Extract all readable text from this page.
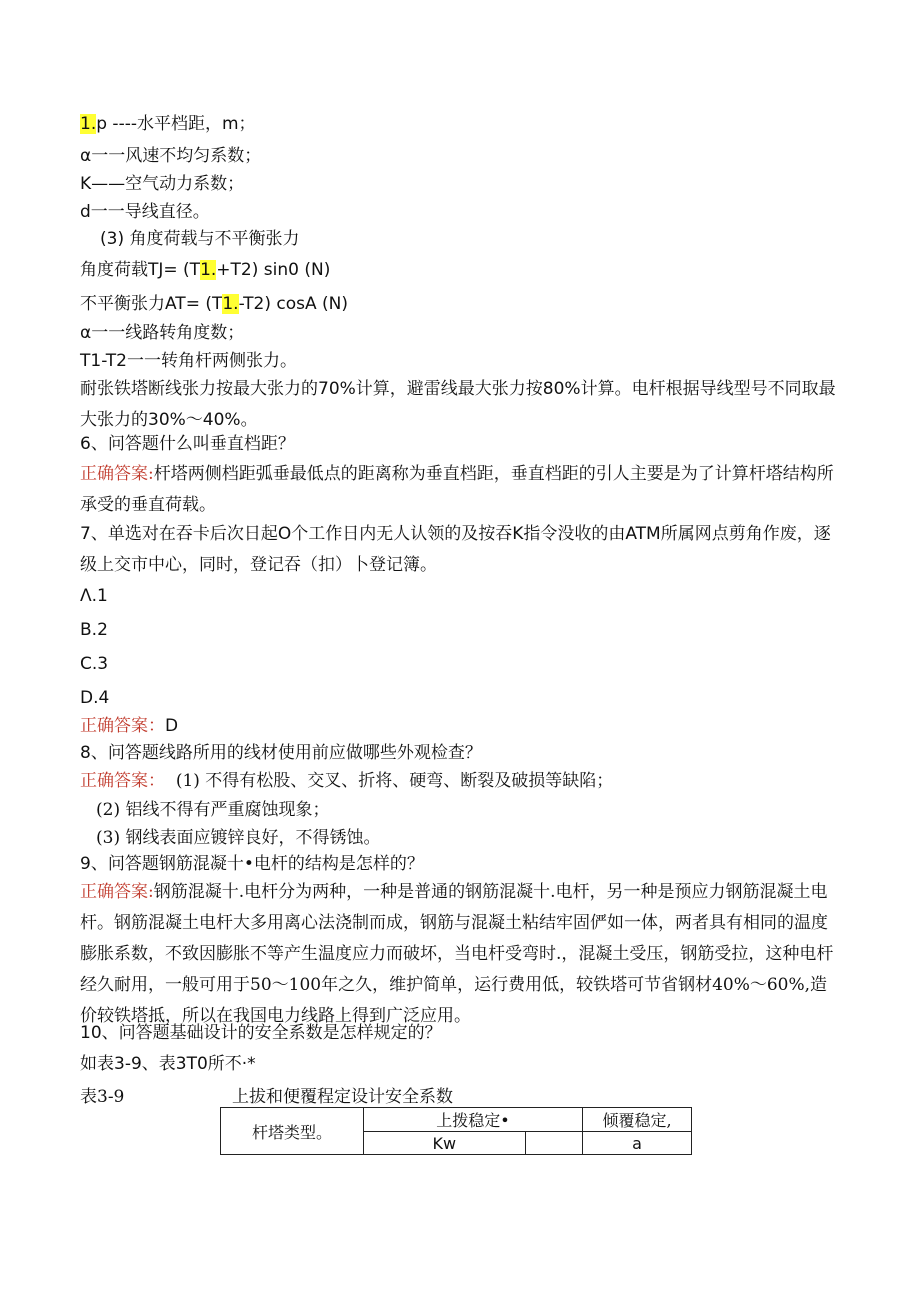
1.p ----水平档距，m；
α一一风速不均匀系数；
K——空气动力系数；
d一一导线直径。
(3) 角度荷载与不平衡张力
角度荷载TJ= (T1.+T2) sin0 (N)
不平衡张力AT= (T1.-T2) cosA (N)
α一一线路转角度数；
T1-T2一一转角杆两侧张力。
耐张铁塔断线张力按最大张力的70%计算，避雷线最大张力按80%计算。电杆根据导线型号不同取最大张力的30%〜40%。
6、问答题什么叫垂直档距？
正确答案:杆塔两侧档距弧垂最低点的距离称为垂直档距，垂直档距的引人主要是为了计算杆塔结构所承受的垂直荷载。
7、单选对在吞卡后次日起O个工作日内无人认领的及按吞K指令没收的由ATM所属网点剪角作废，逐级上交市中心，同时，登记吞（扣）卜登记簿。
Λ.1
B.2
C.3
D.4
正确答案：D
8、问答题线路所用的线材使用前应做哪些外观检查？
正确答案： (1) 不得有松股、交叉、折将、硬弯、断裂及破损等缺陷；
(2) 铝线不得有严重腐蚀现象；
(3) 钢线表面应镀锌良好，不得锈蚀。
9、问答题钢筋混凝十•电杆的结构是怎样的？
正确答案:钢筋混凝十.电杆分为两种，一种是普通的钢筋混凝十.电杆，另一种是预应力钢筋混凝土电杆。钢筋混凝土电杆大多用离心法浇制而成，钢筋与混凝土粘结牢固俨如一体，两者具有相同的温度膨胀系数，不致因膨胀不等产生温度应力而破坏，当电杆受弯时.，混凝土受压，钢筋受拉，这种电杆经久耐用，一般可用于50〜100年之久，维护简单，运行费用低，较铁塔可节省钢材40%〜60%,造价较铁塔抵，所以在我国电力线路上得到广泛应用。
10、问答题基础设计的安全系数是怎样规定的？
如表3-9、表3T0所不·*
表3-9	上拔和便覆程定设计安全系数
杆塔类型。	上拨稳定•		倾覆稳定,
	Kw		a
